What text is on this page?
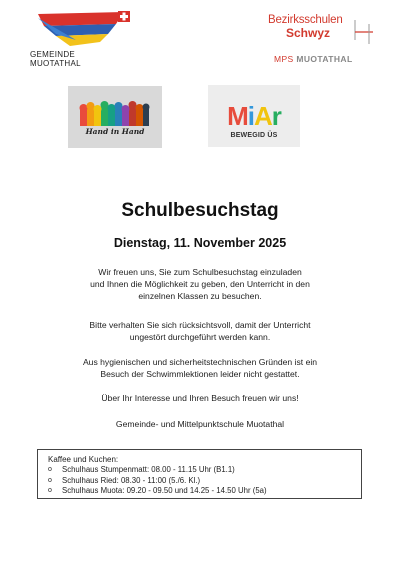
GEMEINDE
MUOTATHAL
Bezirksschulen
Schwyz
MPS MUOTATHAL
Hand in Hand
MiAr
BEWEGID ÜS
Schulbesuchstag
Dienstag, 11. November 2025
Wir freuen uns, Sie zum Schulbesuchstag einzuladen
und Ihnen die Möglichkeit zu geben, den Unterricht in den
einzelnen Klassen zu besuchen.
Bitte verhalten Sie sich rücksichtsvoll, damit der Unterricht
ungestört durchgeführt werden kann.
Aus hygienischen und sicherheitstechnischen Gründen ist ein
Besuch der Schwimmlektionen leider nicht gestattet.
Über Ihr Interesse und Ihren Besuch freuen wir uns!
Gemeinde- und Mittelpunktschule Muotathal
Kaffee und Kuchen:
o Schulhaus Stumpenmatt: 08.00 - 11.15 Uhr (B1.1)
o Schulhaus Ried: 08.30 - 11:00 (5./6. Kl.)
o Schulhaus Muota: 09.20 - 09.50 und 14.25 - 14.50 Uhr (5a)
